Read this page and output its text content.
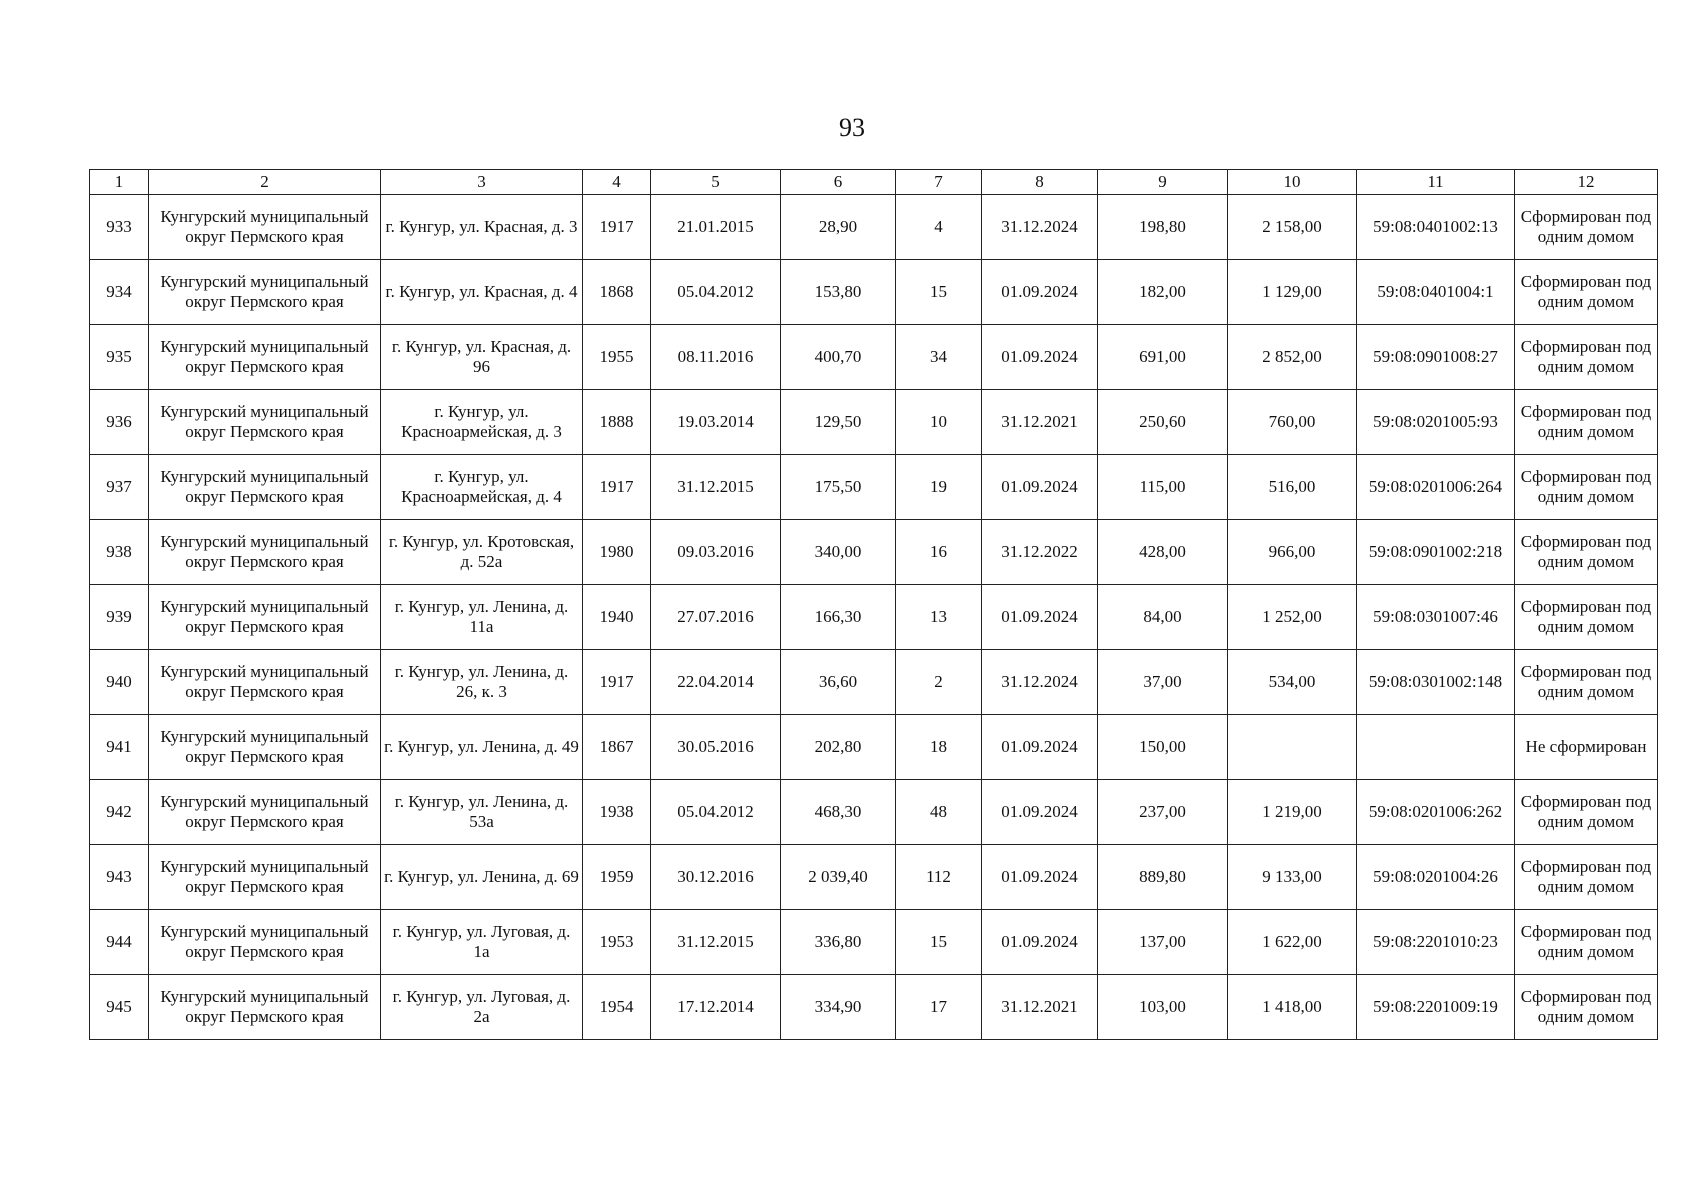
93
1	2	3	4	5	6	7	8	9	10	11	12
933	Кунгурский муниципальный округ Пермского края	г. Кунгур, ул. Красная, д. 3	1917	21.01.2015	28,90	4	31.12.2024	198,80	2 158,00	59:08:0401002:13	Сформирован под одним домом
934	Кунгурский муниципальный округ Пермского края	г. Кунгур, ул. Красная, д. 4	1868	05.04.2012	153,80	15	01.09.2024	182,00	1 129,00	59:08:0401004:1	Сформирован под одним домом
935	Кунгурский муниципальный округ Пермского края	г. Кунгур, ул. Красная, д. 96	1955	08.11.2016	400,70	34	01.09.2024	691,00	2 852,00	59:08:0901008:27	Сформирован под одним домом
936	Кунгурский муниципальный округ Пермского края	г. Кунгур, ул. Красноармейская, д. 3	1888	19.03.2014	129,50	10	31.12.2021	250,60	760,00	59:08:0201005:93	Сформирован под одним домом
937	Кунгурский муниципальный округ Пермского края	г. Кунгур, ул. Красноармейская, д. 4	1917	31.12.2015	175,50	19	01.09.2024	115,00	516,00	59:08:0201006:264	Сформирован под одним домом
938	Кунгурский муниципальный округ Пермского края	г. Кунгур, ул. Кротовская, д. 52а	1980	09.03.2016	340,00	16	31.12.2022	428,00	966,00	59:08:0901002:218	Сформирован под одним домом
939	Кунгурский муниципальный округ Пермского края	г. Кунгур, ул. Ленина, д. 11а	1940	27.07.2016	166,30	13	01.09.2024	84,00	1 252,00	59:08:0301007:46	Сформирован под одним домом
940	Кунгурский муниципальный округ Пермского края	г. Кунгур, ул. Ленина, д. 26, к. 3	1917	22.04.2014	36,60	2	31.12.2024	37,00	534,00	59:08:0301002:148	Сформирован под одним домом
941	Кунгурский муниципальный округ Пермского края	г. Кунгур, ул. Ленина, д. 49	1867	30.05.2016	202,80	18	01.09.2024	150,00			Не сформирован
942	Кунгурский муниципальный округ Пермского края	г. Кунгур, ул. Ленина, д. 53а	1938	05.04.2012	468,30	48	01.09.2024	237,00	1 219,00	59:08:0201006:262	Сформирован под одним домом
943	Кунгурский муниципальный округ Пермского края	г. Кунгур, ул. Ленина, д. 69	1959	30.12.2016	2 039,40	112	01.09.2024	889,80	9 133,00	59:08:0201004:26	Сформирован под одним домом
944	Кунгурский муниципальный округ Пермского края	г. Кунгур, ул. Луговая, д. 1а	1953	31.12.2015	336,80	15	01.09.2024	137,00	1 622,00	59:08:2201010:23	Сформирован под одним домом
945	Кунгурский муниципальный округ Пермского края	г. Кунгур, ул. Луговая, д. 2а	1954	17.12.2014	334,90	17	31.12.2021	103,00	1 418,00	59:08:2201009:19	Сформирован под одним домом
